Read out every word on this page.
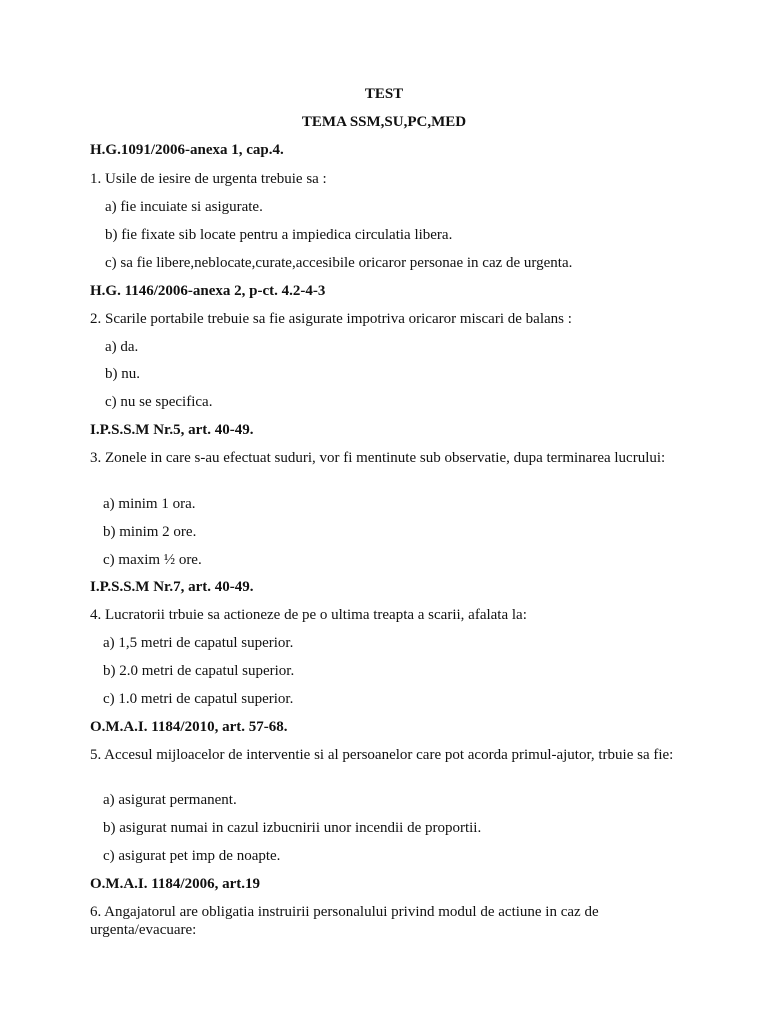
TEST
TEMA SSM,SU,PC,MED
H.G.1091/2006-anexa 1, cap.4.
1. Usile de iesire de urgenta trebuie sa :
a) fie incuiate si asigurate.
b) fie fixate sib locate pentru a impiedica circulatia libera.
c) sa fie libere,neblocate,curate,accesibile oricaror personae in caz de urgenta.
H.G. 1146/2006-anexa 2, p-ct. 4.2-4-3
2. Scarile portabile trebuie sa fie asigurate impotriva oricaror miscari de balans :
a) da.
b) nu.
c) nu se specifica.
I.P.S.S.M Nr.5, art. 40-49.
3. Zonele in care s-au efectuat suduri, vor fi mentinute sub observatie, dupa terminarea lucrului:
a) minim 1 ora.
b) minim 2 ore.
c) maxim ½ ore.
I.P.S.S.M Nr.7, art. 40-49.
4. Lucratorii trbuie sa actioneze de pe o ultima treapta a scarii, afalata la:
a) 1,5 metri de capatul superior.
b) 2.0 metri de capatul superior.
c) 1.0 metri de capatul superior.
O.M.A.I. 1184/2010, art. 57-68.
5. Accesul mijloacelor de interventie si al persoanelor care pot acorda primul-ajutor, trbuie sa fie:
a) asigurat permanent.
b) asigurat numai in cazul izbucnirii unor incendii de proportii.
c) asigurat pet imp de noapte.
O.M.A.I. 1184/2006, art.19
6. Angajatorul are obligatia instruirii personalului privind modul de actiune in caz de urgenta/evacuare:
